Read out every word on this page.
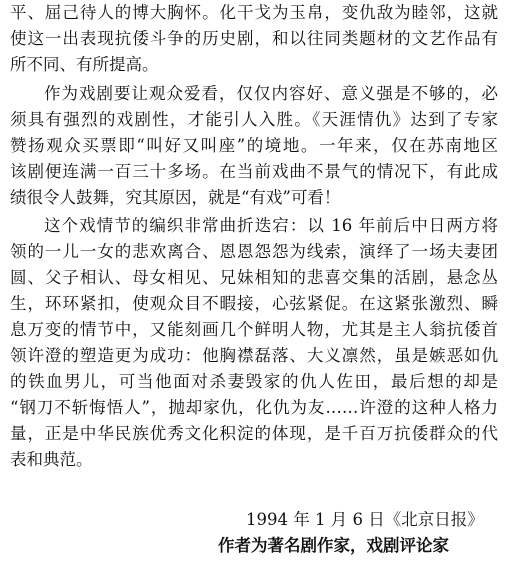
平、屈己待人的博大胸怀。化干戈为玉帛，变仇敌为睦邻，这就
使这一出表现抗倭斗争的历史剧，和以往同类题材的文艺作品有
所不同、有所提高。
作为戏剧要让观众爱看，仅仅内容好、意义强是不够的，必
须具有强烈的戏剧性，才能引人入胜。《天涯情仇》达到了专家
赞扬观众买票即“叫好又叫座”的境地。一年来，仅在苏南地区
该剧便连满一百三十多场。在当前戏曲不景气的情况下，有此成
绩很令人鼓舞，究其原因，就是“有戏”可看！
这个戏情节的编织非常曲折迭宕：以 16 年前后中日两方将
领的一儿一女的悲欢离合、恩恩怨怨为线索，演绎了一场夫妻团
圆、父子相认、母女相见、兄妹相知的悲喜交集的活剧，悬念丛
生，环环紧扣，使观众目不暇接，心弦紧促。在这紧张激烈、瞬
息万变的情节中，又能刻画几个鲜明人物，尤其是主人翁抗倭首
领许澄的塑造更为成功：他胸襟磊落、大义凛然，虽是嫉恶如仇
的铁血男儿，可当他面对杀妻毁家的仇人佐田，最后想的却是
“钢刀不斩悔悟人”，抛却家仇，化仇为友……许澄的这种人格力
量，正是中华民族优秀文化积淀的体现，是千百万抗倭群众的代
表和典范。
1994 年 1 月 6 日《北京日报》
作者为著名剧作家，戏剧评论家
